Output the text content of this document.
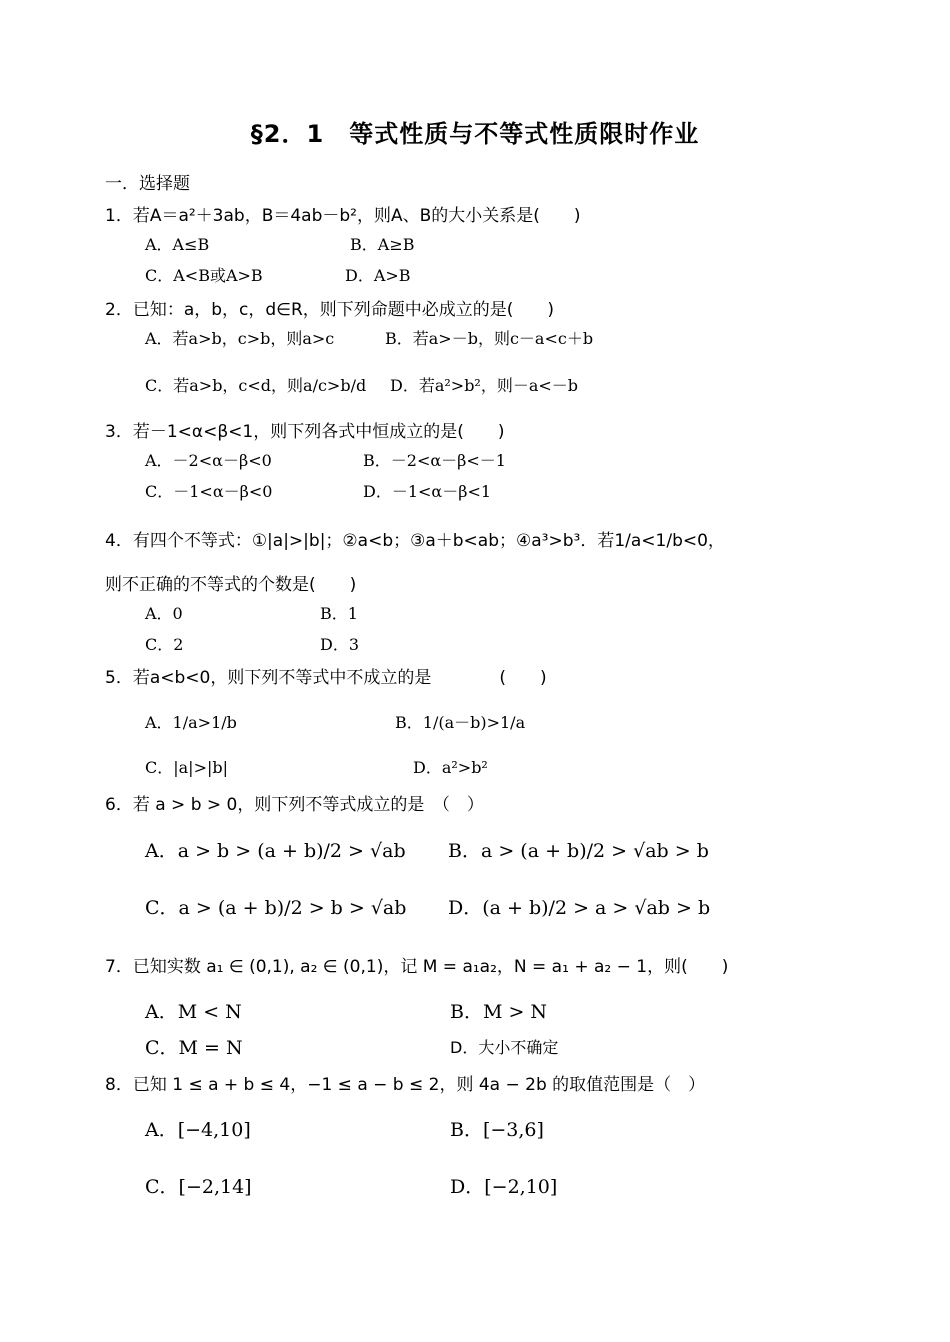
§2．1　等式性质与不等式性质限时作业
一．选择题
1．若A＝a²＋3ab，B＝4ab－b²，则A、B的大小关系是(　　)
A．A≤B	B．A≥B
C．A<B或A>B	D．A>B
2．已知：a，b，c，d∈R，则下列命题中必成立的是(　　)
A．若a>b，c>b，则a>c	B．若a>－b，则c－a<c＋b
C．若a>b，c<d，则a/c>b/d D．若a²>b²，则－a<－b
3．若－1<α<β<1，则下列各式中恒成立的是(　　)
A．－2<α－β<0	B．－2<α－β<－1
C．－1<α－β<0	D．－1<α－β<1
4．有四个不等式：①|a|>|b|；②a<b；③a＋b<ab；④a³>b³．若1/a<1/b<0，
则不正确的不等式的个数是(　　)
A．0	B．1
C．2	D．3
5．若a<b<0，则下列不等式中不成立的是　　　　(　　)
A．1/a>1/b	B．1/(a－b)>1/a
C．|a|>|b|	D．a²>b²
6．若 a > b > 0，则下列不等式成立的是　（　）
A．a > b > (a + b)/2 > √ab B．a > (a + b)/2 > √ab > b
C．a > (a + b)/2 > b > √ab D．(a + b)/2 > a > √ab > b
7．已知实数 a₁ ∈ (0,1), a₂ ∈ (0,1)，记 M = a₁a₂，N = a₁ + a₂ − 1，则(　　)
A．M < N	B．M > N
C．M = N	D．大小不确定
8．已知 1 ≤ a + b ≤ 4，−1 ≤ a − b ≤ 2，则 4a − 2b 的取值范围是（　）
A．[−4,10]	B．[−3,6]
C．[−2,14]	D．[−2,10]
